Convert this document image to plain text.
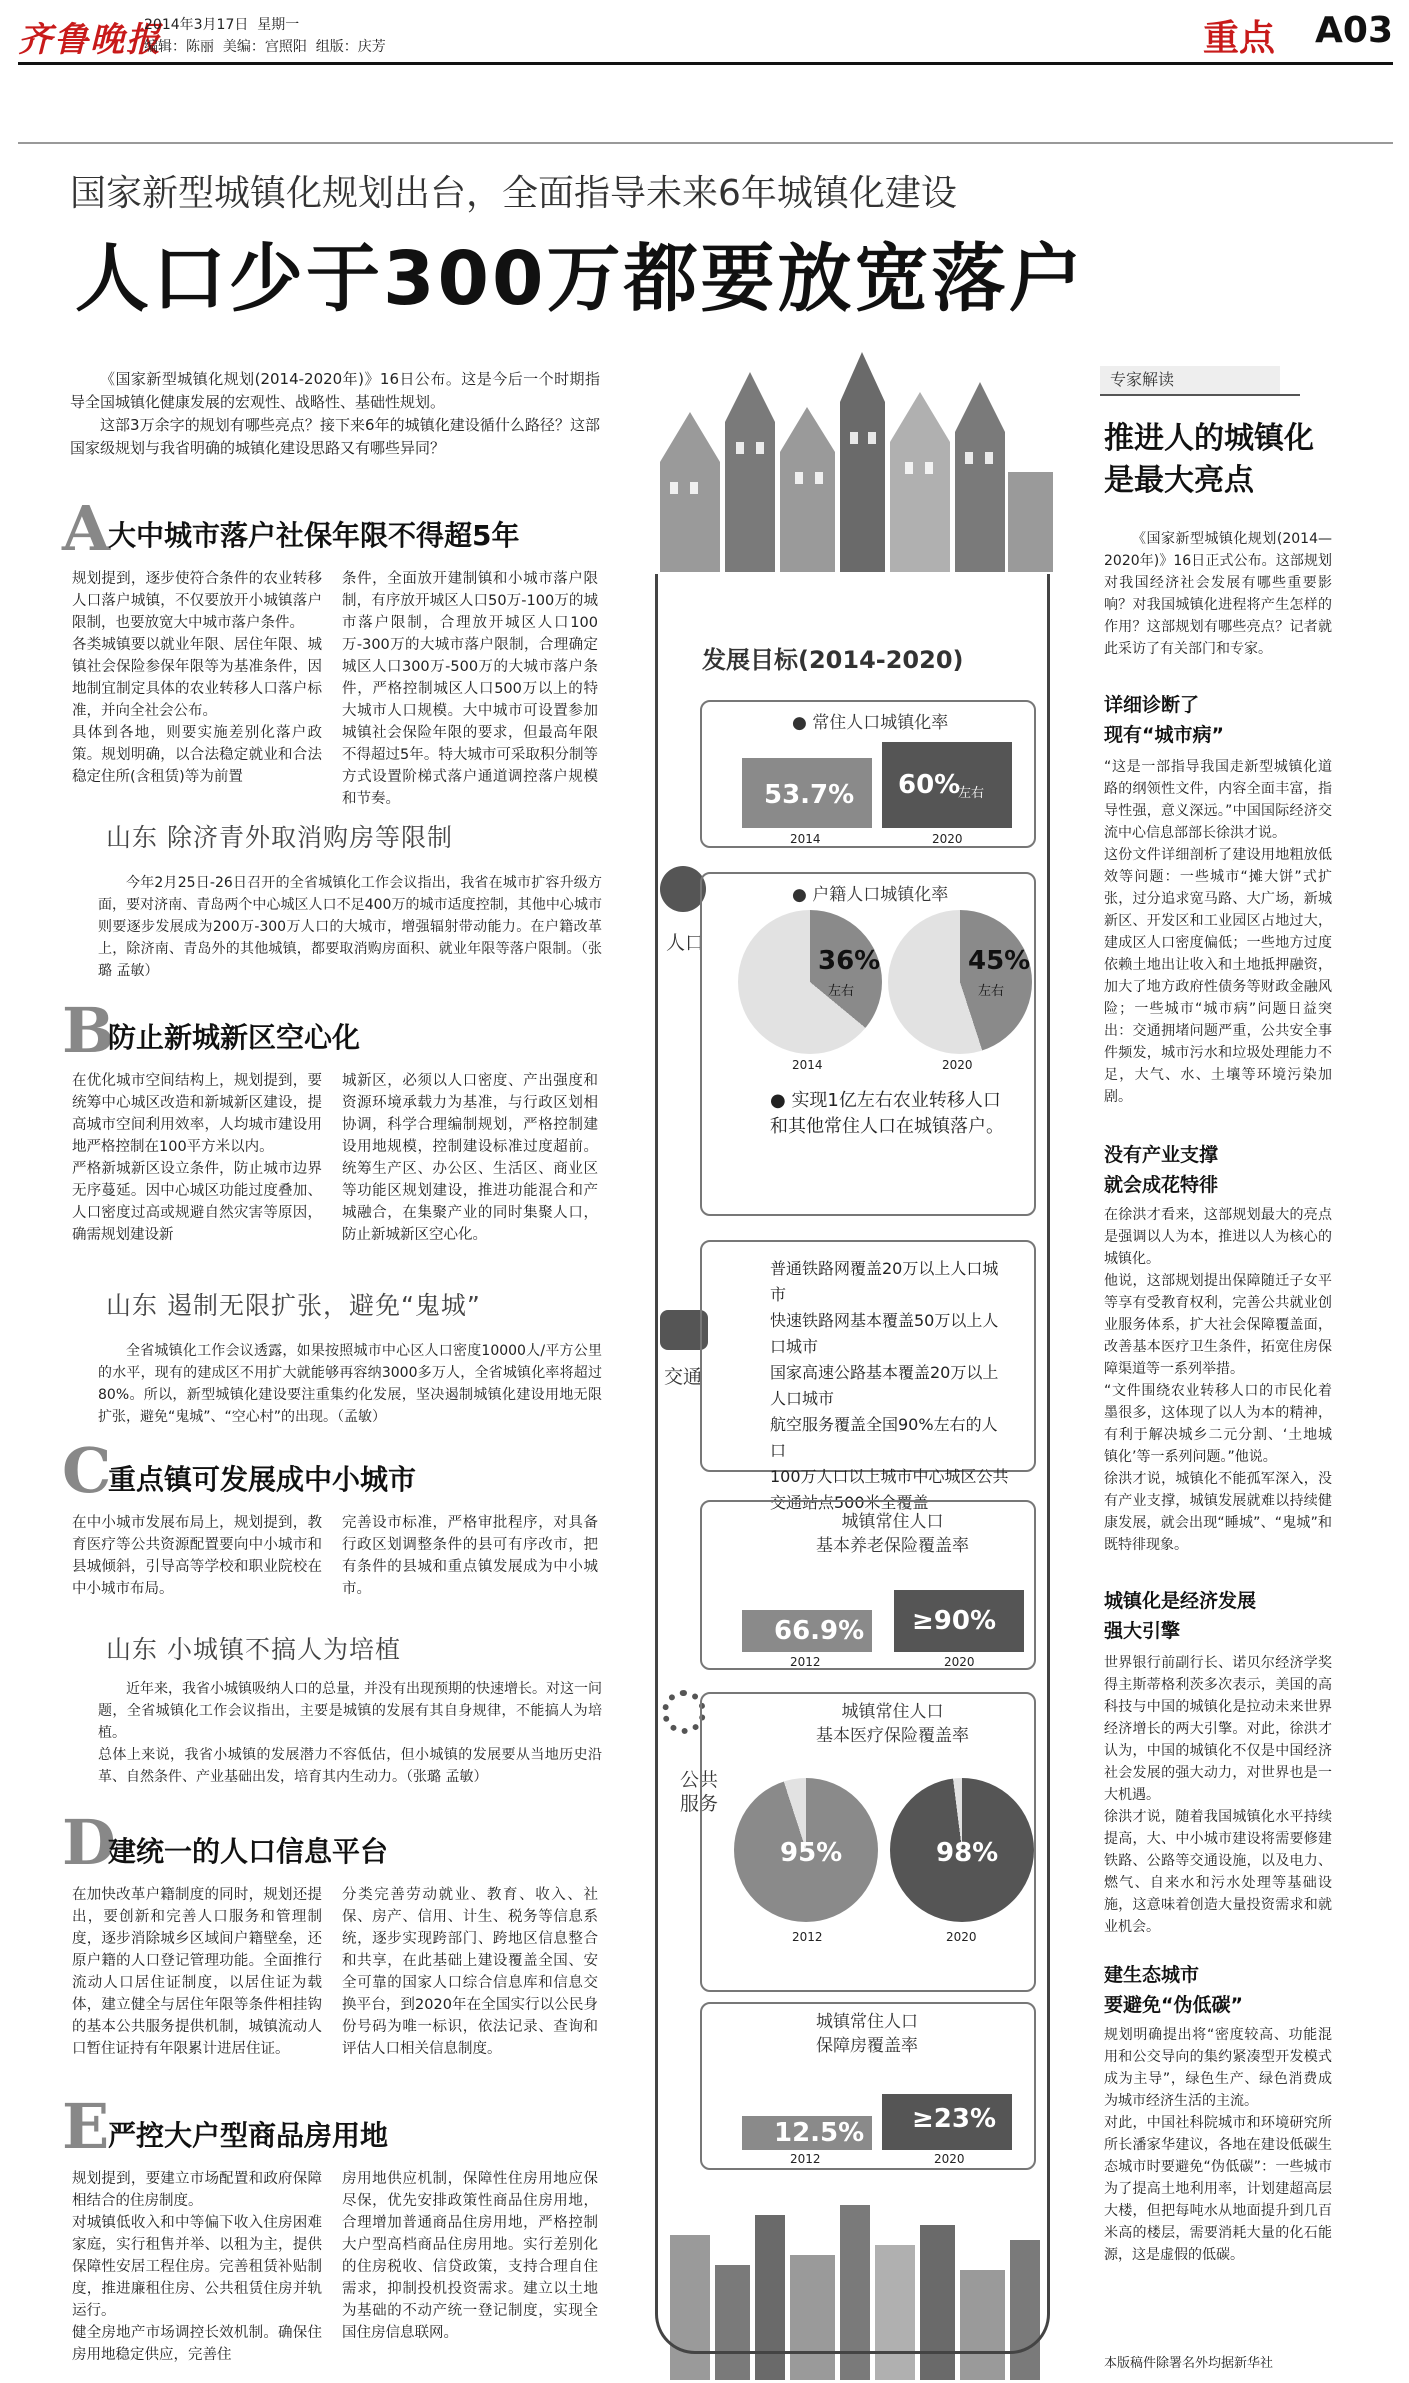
齐鲁晚报
2014年3月17日  星期一
编辑：陈丽  美编：宫照阳  组版：庆芳	重点 A03
国家新型城镇化规划出台，全面指导未来6年城镇化建设
人口少于300万都要放宽落户

《国家新型城镇化规划(2014-2020年)》16日公布。这是今后一个时期指导全国城镇化健康发展的宏观性、战略性、基础性规划。

这部3万余字的规划有哪些亮点？接下来6年的城镇化建设循什么路径？这部国家级规划与我省明确的城镇化建设思路又有哪些异同？

A
大中城市落户社保年限不得超5年
规划提到，逐步使符合条件的农业转移人口落户城镇，不仅要放开小城镇落户限制，也要放宽大中城市落户条件。
各类城镇要以就业年限、居住年限、城镇社会保险参保年限等为基准条件，因地制宜制定具体的农业转移人口落户标准，并向全社会公布。
具体到各地，则要实施差别化落户政策。规划明确，以合法稳定就业和合法稳定住所(含租赁)等为前置
条件，全面放开建制镇和小城市落户限制，有序放开城区人口50万-100万的城市落户限制，合理放开城区人口100万-300万的大城市落户限制，合理确定城区人口300万-500万的大城市落户条件，严格控制城区人口500万以上的特大城市人口规模。大中城市可设置参加城镇社会保险年限的要求，但最高年限不得超过5年。特大城市可采取积分制等方式设置阶梯式落户通道调控落户规模和节奏。
山东 除济青外取消购房等限制
今年2月25日-26日召开的全省城镇化工作会议指出，我省在城市扩容升级方面，要对济南、青岛两个中心城区人口不足400万的城市适度控制，其他中心城市则要逐步发展成为200万-300万人口的大城市，增强辐射带动能力。在户籍改革上，除济南、青岛外的其他城镇，都要取消购房面积、就业年限等落户限制。（张璐 孟敏）
B
防止新城新区空心化
在优化城市空间结构上，规划提到，要统筹中心城区改造和新城新区建设，提高城市空间利用效率，人均城市建设用地严格控制在100平方米以内。
严格新城新区设立条件，防止城市边界无序蔓延。因中心城区功能过度叠加、人口密度过高或规避自然灾害等原因，确需规划建设新
城新区，必须以人口密度、产出强度和资源环境承载力为基准，与行政区划相协调，科学合理编制规划，严格控制建设用地规模，控制建设标准过度超前。统筹生产区、办公区、生活区、商业区等功能区规划建设，推进功能混合和产城融合，在集聚产业的同时集聚人口，防止新城新区空心化。
山东 遏制无限扩张，避免“鬼城”
全省城镇化工作会议透露，如果按照城市中心区人口密度10000人/平方公里的水平，现有的建成区不用扩大就能够再容纳3000多万人，全省城镇化率将超过80%。所以，新型城镇化建设要注重集约化发展，坚决遏制城镇化建设用地无限扩张，避免“鬼城”、“空心村”的出现。（孟敏）
C
重点镇可发展成中小城市
在中小城市发展布局上，规划提到，教育医疗等公共资源配置要向中小城市和县城倾斜，引导高等学校和职业院校在中小城市布局。
完善设市标准，严格审批程序，对具备行政区划调整条件的县可有序改市，把有条件的县城和重点镇发展成为中小城市。
山东 小城镇不搞人为培植
近年来，我省小城镇吸纳人口的总量，并没有出现预期的快速增长。对这一问题，全省城镇化工作会议指出，主要是城镇的发展有其自身规律，不能搞人为培植。
总体上来说，我省小城镇的发展潜力不容低估，但小城镇的发展要从当地历史沿革、自然条件、产业基础出发，培育其内生动力。（张璐 孟敏）
D
建统一的人口信息平台
在加快改革户籍制度的同时，规划还提出，要创新和完善人口服务和管理制度，逐步消除城乡区域间户籍壁垒，还原户籍的人口登记管理功能。全面推行流动人口居住证制度，以居住证为载体，建立健全与居住年限等条件相挂钩的基本公共服务提供机制，城镇流动人口暂住证持有年限累计进居住证。
分类完善劳动就业、教育、收入、社保、房产、信用、计生、税务等信息系统，逐步实现跨部门、跨地区信息整合和共享，在此基础上建设覆盖全国、安全可靠的国家人口综合信息库和信息交换平台，到2020年在全国实行以公民身份号码为唯一标识，依法记录、查询和评估人口相关信息制度。
E
严控大户型商品房用地
规划提到，要建立市场配置和政府保障相结合的住房制度。
对城镇低收入和中等偏下收入住房困难家庭，实行租售并举、以租为主，提供保障性安居工程住房。完善租赁补贴制度，推进廉租住房、公共租赁住房并轨运行。
健全房地产市场调控长效机制。确保住房用地稳定供应，完善住
房用地供应机制，保障性住房用地应保尽保，优先安排政策性商品住房用地，合理增加普通商品住房用地，严格控制大户型高档商品住房用地。实行差别化的住房税收、信贷政策，支持合理自住需求，抑制投机投资需求。建立以土地为基础的不动产统一登记制度，实现全国住房信息联网。
发展目标(2014-2020)
● 常住人口城镇化率
53.7% 60%
左右
2014	2020
人口
● 户籍人口城镇化率
36%
左右
45%
左右
2014	2020
● 实现1亿左右农业转移人口和其他常住人口在城镇落户。
交通
普通铁路网覆盖20万以上人口城市
快速铁路网基本覆盖50万以上人口城市
国家高速公路基本覆盖20万以上人口城市
航空服务覆盖全国90%左右的人口
100万人口以上城市中心城区公共交通站点500米全覆盖
公共服务
城镇常住人口
基本养老保险覆盖率
66.9% ≥90%
2012	2020
城镇常住人口
基本医疗保险覆盖率
95%	98%
2012	2020
城镇常住人口
保障房覆盖率
12.5% ≥23%
2012	2020
专家解读
推进人的城镇化
是最大亮点
《国家新型城镇化规划(2014—2020年)》16日正式公布。这部规划对我国经济社会发展有哪些重要影响？对我国城镇化进程将产生怎样的作用？这部规划有哪些亮点？记者就此采访了有关部门和专家。
详细诊断了
现有“城市病”
“这是一部指导我国走新型城镇化道路的纲领性文件，内容全面丰富，指导性强，意义深远。”中国国际经济交流中心信息部部长徐洪才说。
这份文件详细剖析了建设用地粗放低效等问题：一些城市“摊大饼”式扩张，过分追求宽马路、大广场，新城新区、开发区和工业园区占地过大，建成区人口密度偏低；一些地方过度依赖土地出让收入和土地抵押融资，加大了地方政府性债务等财政金融风险；一些城市“城市病”问题日益突出：交通拥堵问题严重，公共安全事件频发，城市污水和垃圾处理能力不足，大气、水、土壤等环境污染加剧。
没有产业支撑
就会成花特徘
在徐洪才看来，这部规划最大的亮点是强调以人为本，推进以人为核心的城镇化。
他说，这部规划提出保障随迁子女平等享有受教育权利，完善公共就业创业服务体系，扩大社会保障覆盖面，改善基本医疗卫生条件，拓宽住房保障渠道等一系列举措。
“文件围绕农业转移人口的市民化着墨很多，这体现了以人为本的精神，有利于解决城乡二元分割、‘土地城镇化’等一系列问题。”他说。
徐洪才说，城镇化不能孤军深入，没有产业支撑，城镇发展就难以持续健康发展，就会出现“睡城”、“鬼城”和既特徘现象。
城镇化是经济发展
强大引擎
世界银行前副行长、诺贝尔经济学奖得主斯蒂格利茨多次表示，美国的高科技与中国的城镇化是拉动未来世界经济增长的两大引擎。对此，徐洪才认为，中国的城镇化不仅是中国经济社会发展的强大动力，对世界也是一大机遇。
徐洪才说，随着我国城镇化水平持续提高，大、中小城市建设将需要修建铁路、公路等交通设施，以及电力、燃气、自来水和污水处理等基础设施，这意味着创造大量投资需求和就业机会。
建生态城市
要避免“伪低碳”
规划明确提出将“密度较高、功能混用和公交导向的集约紧凑型开发模式成为主导”，绿色生产、绿色消费成为城市经济生活的主流。
对此，中国社科院城市和环境研究所所长潘家华建议，各地在建设低碳生态城市时要避免“伪低碳”：一些城市为了提高土地利用率，计划建超高层大楼，但把每吨水从地面提升到几百米高的楼层，需要消耗大量的化石能源，这是虚假的低碳。
本版稿件除署名外均据新华社
